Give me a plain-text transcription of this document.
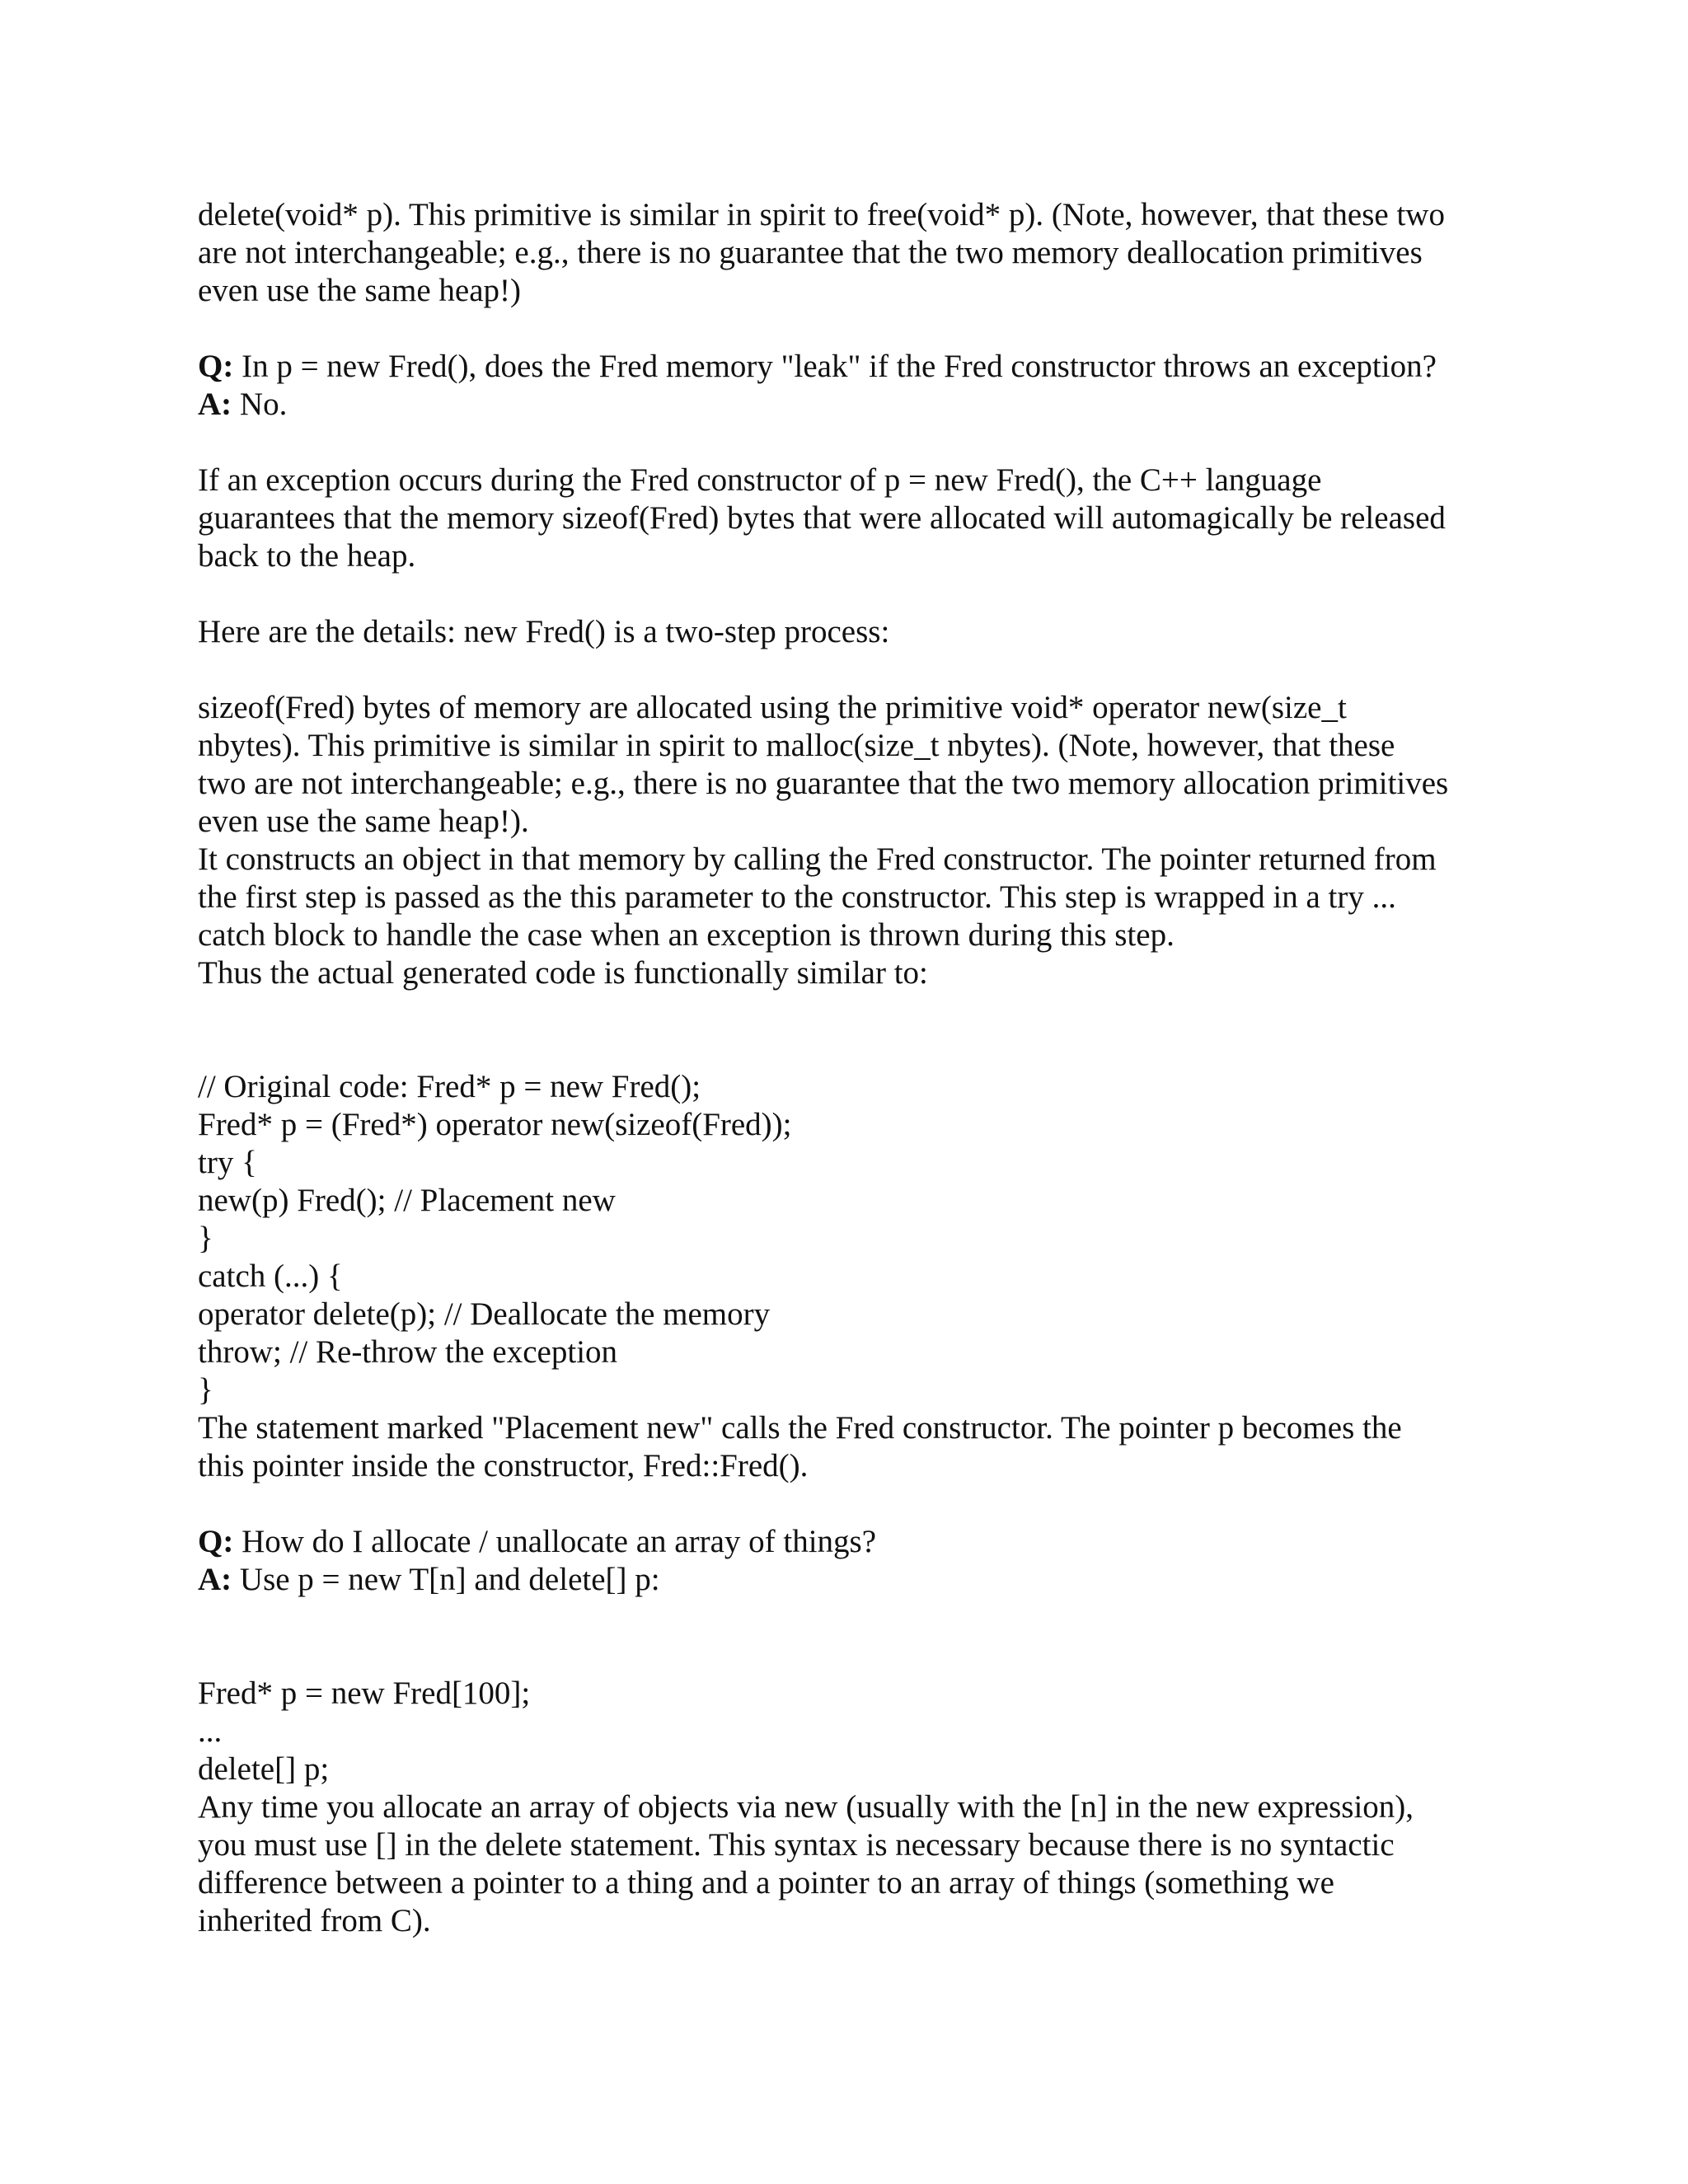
delete(void* p). This primitive is similar in spirit to free(void* p). (Note, however, that these two
are not interchangeable; e.g., there is no guarantee that the two memory deallocation primitives
even use the same heap!)
Q: In p = new Fred(), does the Fred memory "leak" if the Fred constructor throws an exception?
A: No.
If an exception occurs during the Fred constructor of p = new Fred(), the C++ language
guarantees that the memory sizeof(Fred) bytes that were allocated will automagically be released
back to the heap.
Here are the details: new Fred() is a two-step process:
sizeof(Fred) bytes of memory are allocated using the primitive void* operator new(size_t
nbytes). This primitive is similar in spirit to malloc(size_t nbytes). (Note, however, that these
two are not interchangeable; e.g., there is no guarantee that the two memory allocation primitives
even use the same heap!).
It constructs an object in that memory by calling the Fred constructor. The pointer returned from
the first step is passed as the this parameter to the constructor. This step is wrapped in a try ...
catch block to handle the case when an exception is thrown during this step.
Thus the actual generated code is functionally similar to:
// Original code: Fred* p = new Fred();
Fred* p = (Fred*) operator new(sizeof(Fred));
try {
new(p) Fred(); // Placement new
}
catch (...) {
operator delete(p); // Deallocate the memory
throw; // Re-throw the exception
}
The statement marked "Placement new" calls the Fred constructor. The pointer p becomes the
this pointer inside the constructor, Fred::Fred().
Q: How do I allocate / unallocate an array of things?
A: Use p = new T[n] and delete[] p:
Fred* p = new Fred[100];
...
delete[] p;
Any time you allocate an array of objects via new (usually with the [n] in the new expression),
you must use [] in the delete statement. This syntax is necessary because there is no syntactic
difference between a pointer to a thing and a pointer to an array of things (something we
inherited from C).
